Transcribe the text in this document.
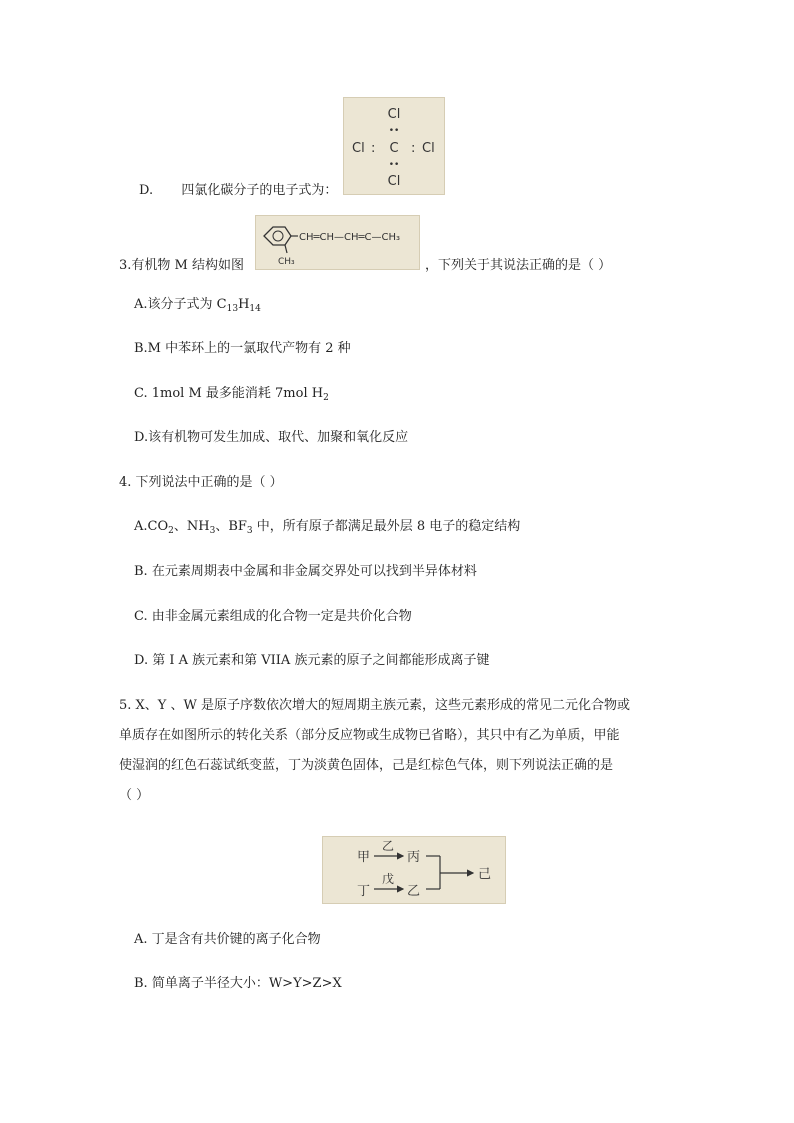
D. 四氯化碳分子的电子式为：
Cl
••
Cl : C : Cl
••
Cl
3.有机物 M 结构如图
CH═CH—CH═C—CH₃
CH₃	，下列关于其说法正确的是（ ）
A.该分子式为 $C_{13}H_{14}$
B.M 中苯环上的一氯取代产物有 2 种
C. 1mol M 最多能消耗 7mol $H_2$
D.该有机物可发生加成、取代、加聚和氧化反应
4. 下列说法中正确的是（ ）
$A.CO_2$、$NH_3$、$BF_3$ 中，所有原子都满足最外层 8 电子的稳定结构
B. 在元素周期表中金属和非金属交界处可以找到半异体材料
C. 由非金属元素组成的化合物一定是共价化合物
D. 第 I A 族元素和第 VIIA 族元素的原子之间都能形成离子键
5. X、Y 、W 是原子序数依次增大的短周期主族元素，这些元素形成的常见二元化合物或
单质存在如图所示的转化关系（部分反应物或生成物已省略），其只中有乙为单质，甲能
使湿润的红色石蕊试纸变蓝，丁为淡黄色固体，己是红棕色气体，则下列说法正确的是
（ ）
甲
乙
丙
丁
戊
乙
己
A. 丁是含有共价键的离子化合物
B. 简单离子半径大小：W>Y>Z>X
